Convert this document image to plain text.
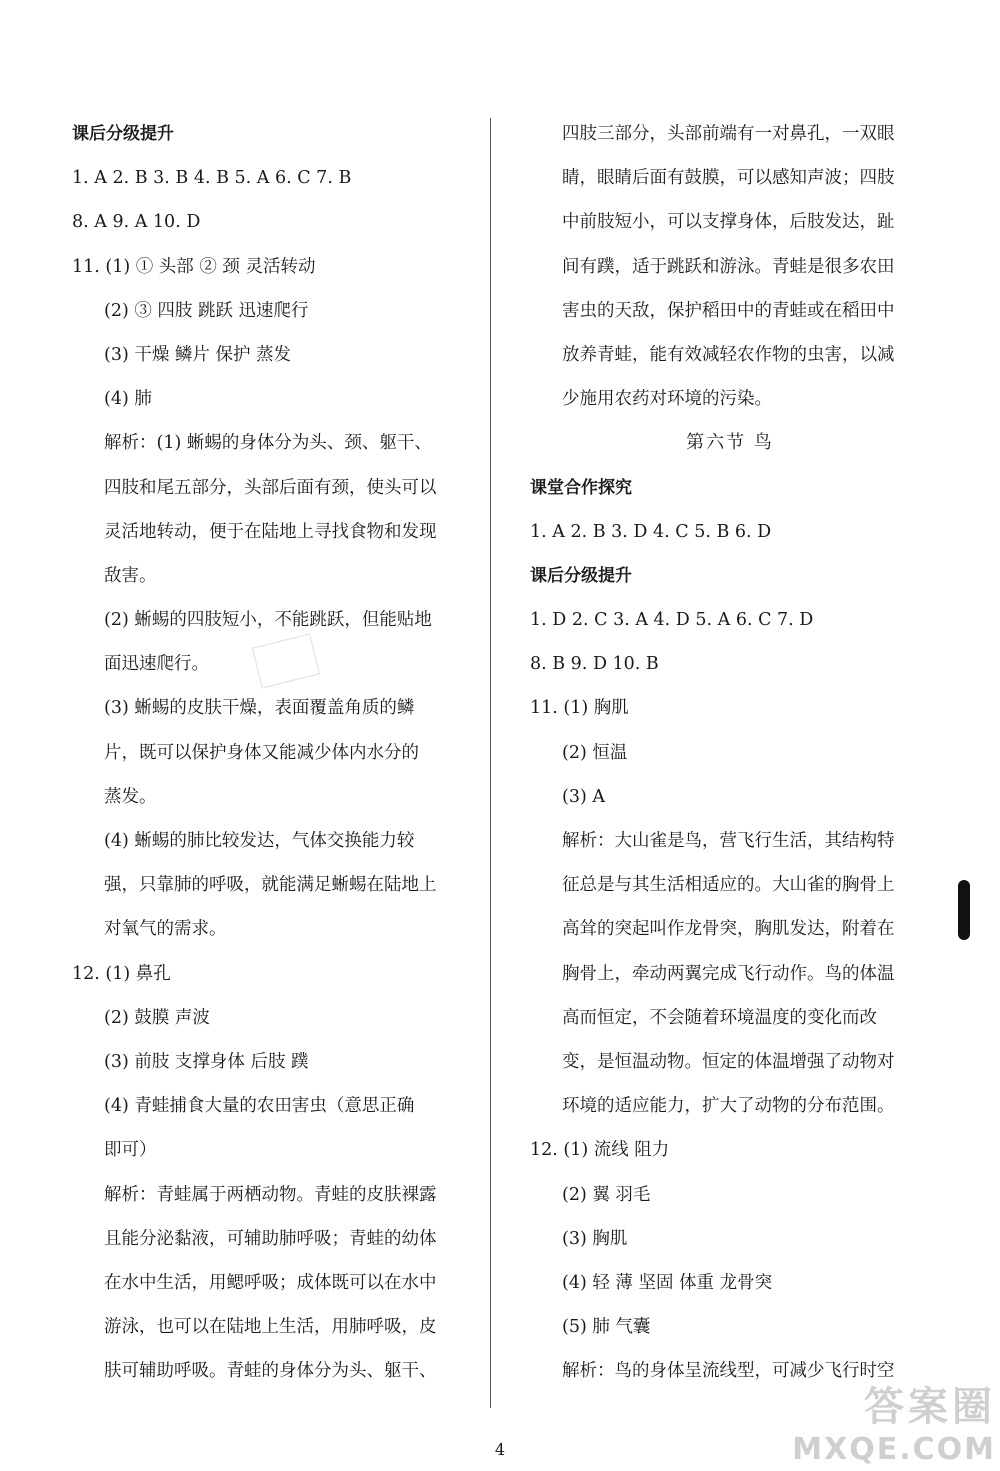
课后分级提升
1. A 2. B 3. B 4. B 5. A 6. C 7. B
8. A 9. A 10. D
11. (1) ① 头部 ② 颈 灵活转动
(2) ③ 四肢 跳跃 迅速爬行
(3) 干燥 鳞片 保护 蒸发
(4) 肺
解析：(1) 蜥蜴的身体分为头、颈、躯干、
四肢和尾五部分，头部后面有颈，使头可以
灵活地转动，便于在陆地上寻找食物和发现
敌害。
(2) 蜥蜴的四肢短小，不能跳跃，但能贴地
面迅速爬行。
(3) 蜥蜴的皮肤干燥，表面覆盖角质的鳞
片，既可以保护身体又能减少体内水分的
蒸发。
(4) 蜥蜴的肺比较发达，气体交换能力较
强，只靠肺的呼吸，就能满足蜥蜴在陆地上
对氧气的需求。
12. (1) 鼻孔
(2) 鼓膜 声波
(3) 前肢 支撑身体 后肢 蹼
(4) 青蛙捕食大量的农田害虫（意思正确
即可）
解析：青蛙属于两栖动物。青蛙的皮肤裸露
且能分泌黏液，可辅助肺呼吸；青蛙的幼体
在水中生活，用鳃呼吸；成体既可以在水中
游泳，也可以在陆地上生活，用肺呼吸，皮
肤可辅助呼吸。青蛙的身体分为头、躯干、
四肢三部分，头部前端有一对鼻孔，一双眼
睛，眼睛后面有鼓膜，可以感知声波；四肢
中前肢短小，可以支撑身体，后肢发达，趾
间有蹼，适于跳跃和游泳。青蛙是很多农田
害虫的天敌，保护稻田中的青蛙或在稻田中
放养青蛙，能有效减轻农作物的虫害，以减
少施用农药对环境的污染。
第六节 鸟
课堂合作探究
1. A 2. B 3. D 4. C 5. B 6. D
课后分级提升
1. D 2. C 3. A 4. D 5. A 6. C 7. D
8. B 9. D 10. B
11. (1) 胸肌
(2) 恒温
(3) A
解析：大山雀是鸟，营飞行生活，其结构特
征总是与其生活相适应的。大山雀的胸骨上
高耸的突起叫作龙骨突，胸肌发达，附着在
胸骨上，牵动两翼完成飞行动作。鸟的体温
高而恒定，不会随着环境温度的变化而改
变，是恒温动物。恒定的体温增强了动物对
环境的适应能力，扩大了动物的分布范围。
12. (1) 流线 阻力
(2) 翼 羽毛
(3) 胸肌
(4) 轻 薄 坚固 体重 龙骨突
(5) 肺 气囊
解析：鸟的身体呈流线型，可减少飞行时空
4
答案圈
MXQE.COM
